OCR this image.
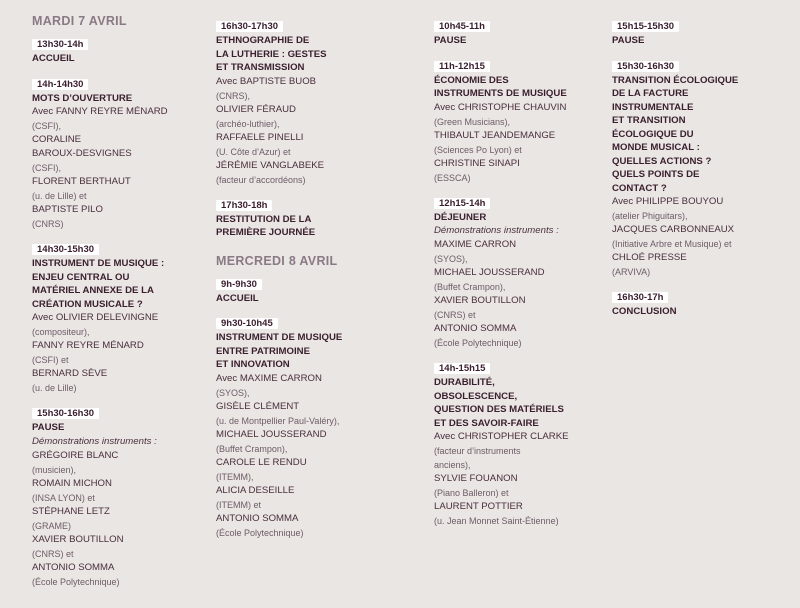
MARDI 7 AVRIL
13h30-14h
ACCUEIL
14h-14h30
MOTS D’OUVERTURE
Avec FANNY REYRE MÉNARD
(CSFI),
CORALINE
BAROUX-DESVIGNES
(CSFI),
FLORENT BERTHAUT
(u. de Lille) et
BAPTISTE PILO
(CNRS)
14h30-15h30
INSTRUMENT DE MUSIQUE :
ENJEU CENTRAL OU
MATÉRIEL ANNEXE DE LA
CRÉATION MUSICALE ?
Avec OLIVIER DELEVINGNE
(compositeur),
FANNY REYRE MÉNARD
(CSFI) et
BERNARD SÈVE
(u. de Lille)
15h30-16h30
PAUSE
Démonstrations instruments :
GRÉGOIRE BLANC
(musicien),
ROMAIN MICHON
(INSA LYON) et
STÉPHANE LETZ
(GRAME)
XAVIER BOUTILLON
(CNRS) et
ANTONIO SOMMA
(École Polytechnique)
16h30-17h30
ETHNOGRAPHIE DE
LA LUTHERIE : GESTES
ET TRANSMISSION
Avec BAPTISTE BUOB
(CNRS),
OLIVIER FÉRAUD
(archéo-luthier),
RAFFAELE PINELLI
(U. Côte d’Azur) et
JÉRÉMIE VANGLABEKE
(facteur d’accordéons)
17h30-18h
RESTITUTION DE LA
PREMIÈRE JOURNÉE
MERCREDI 8 AVRIL
9h-9h30
ACCUEIL
9h30-10h45
INSTRUMENT DE MUSIQUE
ENTRE PATRIMOINE
ET INNOVATION
Avec MAXIME CARRON
(SYOS),
GISÈLE CLÉMENT
(u. de Montpellier Paul-Valéry),
MICHAEL JOUSSERAND
(Buffet Crampon),
CAROLE LE RENDU
(ITEMM),
ALICIA DESEILLE
(ITEMM) et
ANTONIO SOMMA
(École Polytechnique)
10h45-11h
PAUSE
11h-12h15
ÉCONOMIE DES
INSTRUMENTS DE MUSIQUE
Avec CHRISTOPHE CHAUVIN
(Green Musicians),
THIBAULT JEANDEMANGE
(Sciences Po Lyon) et
CHRISTINE SINAPI
(ESSCA)
12h15-14h
DÉJEUNER
Démonstrations instruments :
MAXIME CARRON
(SYOS),
MICHAEL JOUSSERAND
(Buffet Crampon),
XAVIER BOUTILLON
(CNRS) et
ANTONIO SOMMA
(École Polytechnique)
14h-15h15
DURABILITÉ,
OBSOLESCENCE,
QUESTION DES MATÉRIELS
ET DES SAVOIR-FAIRE
Avec CHRISTOPHER CLARKE
(facteur d’instruments
anciens),
SYLVIE FOUANON
(Piano Balleron) et
LAURENT POTTIER
(u. Jean Monnet Saint-Étienne)
15h15-15h30
PAUSE
15h30-16h30
TRANSITION ÉCOLOGIQUE
DE LA FACTURE
INSTRUMENTALE
ET TRANSITION
ÉCOLOGIQUE DU
MONDE MUSICAL :
QUELLES ACTIONS ?
QUELS POINTS DE
CONTACT ?
Avec PHILIPPE BOUYOU
(atelier Phiguitars),
JACQUES CARBONNEAUX
(Initiative Arbre et Musique) et
CHLOÉ PRESSE
(ARVIVA)
16h30-17h
CONCLUSION
